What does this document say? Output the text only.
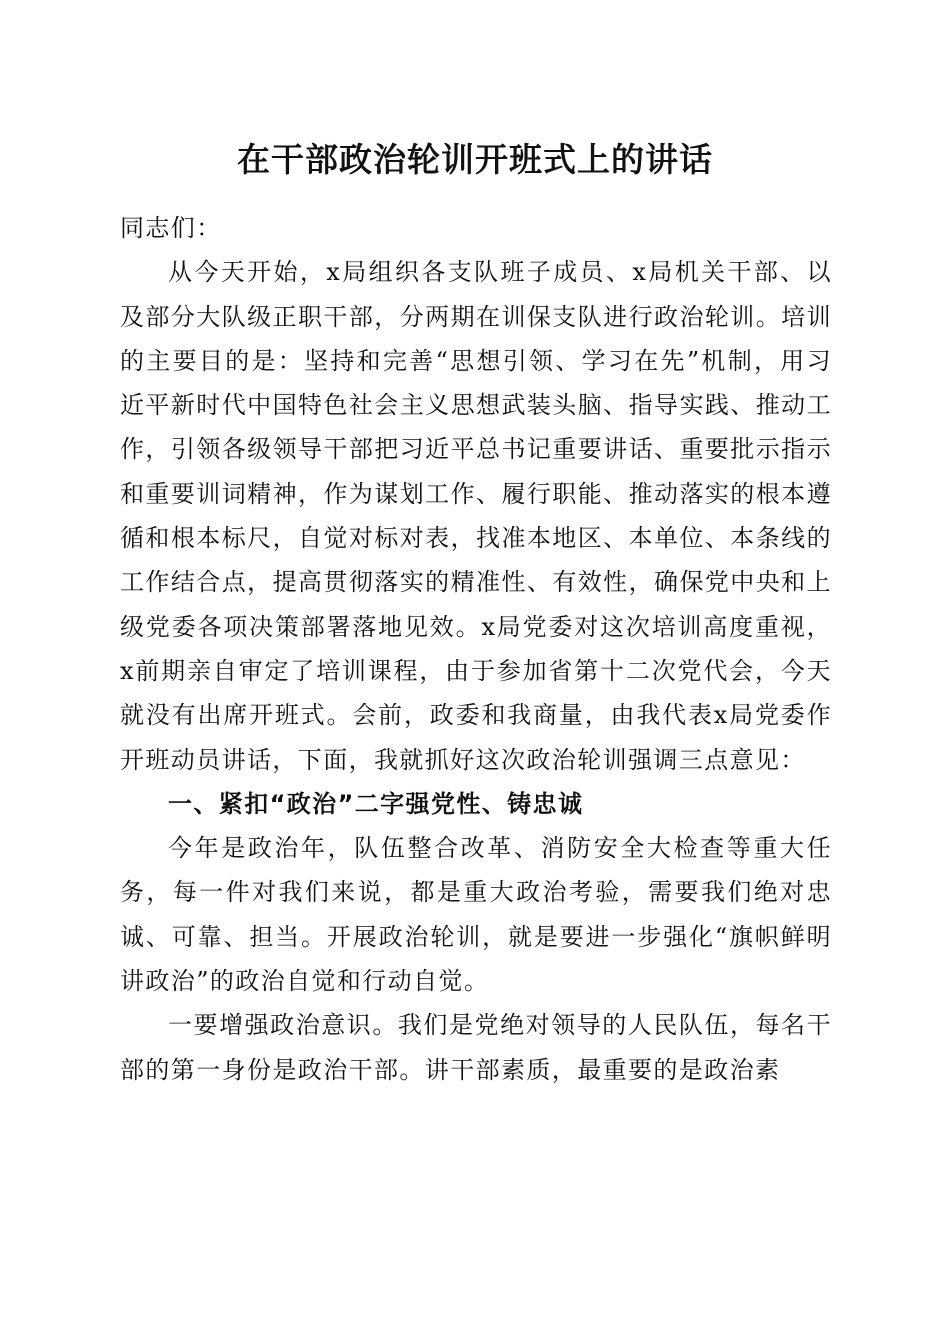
在干部政治轮训开班式上的讲话

同志们：

从今天开始，x局组织各支队班子成员、x局机关干部、以及部分大队级正职干部，分两期在训保支队进行政治轮训。培训的主要目的是：坚持和完善“思想引领、学习在先”机制，用习近平新时代中国特色社会主义思想武装头脑、指导实践、推动工作，引领各级领导干部把习近平总书记重要讲话、重要批示指示和重要训词精神，作为谋划工作、履行职能、推动落实的根本遵循和根本标尺，自觉对标对表，找准本地区、本单位、本条线的工作结合点，提高贯彻落实的精准性、有效性，确保党中央和上级党委各项决策部署落地见效。x局党委对这次培训高度重视，x前期亲自审定了培训课程，由于参加省第十二次党代会，今天就没有出席开班式。会前，政委和我商量，由我代表x局党委作开班动员讲话，下面，我就抓好这次政治轮训强调三点意见：

一、紧扣“政治”二字强党性、铸忠诚

今年是政治年，队伍整合改革、消防安全大检查等重大任务，每一件对我们来说，都是重大政治考验，需要我们绝对忠诚、可靠、担当。开展政治轮训，就是要进一步强化“旗帜鲜明讲政治”的政治自觉和行动自觉。

一要增强政治意识。我们是党绝对领导的人民队伍，每名干部的第一身份是政治干部。讲干部素质，最重要的是政治素
